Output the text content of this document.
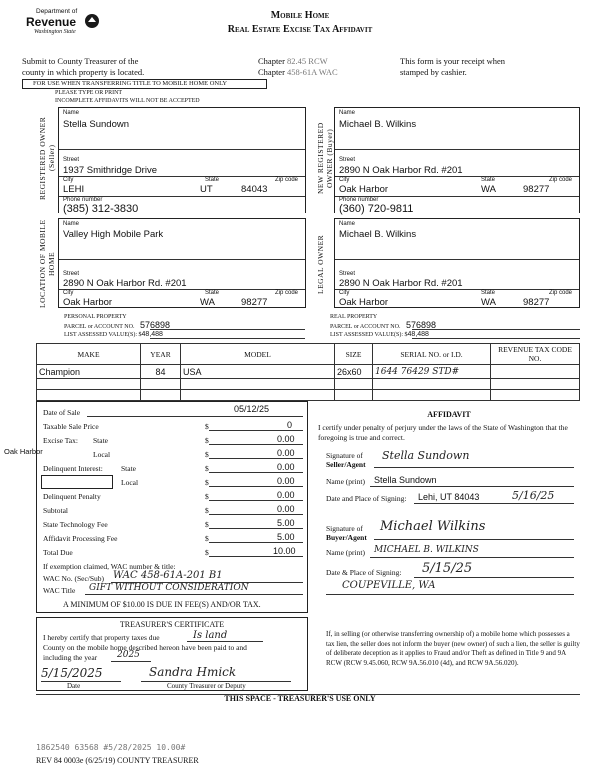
Department of
Revenue
Washington State
Mobile Home
Real Estate Excise Tax Affidavit
Submit to County Treasurer of the
county in which property is located.
Chapter 82.45 RCW
Chapter 458-61A WAC
This form is your receipt when
stamped by cashier.
FOR USE WHEN TRANSFERRING TITLE TO MOBILE HOME ONLY
PLEASE TYPE OR PRINT
INCOMPLETE AFFIDAVITS WILL NOT BE ACCEPTED
REGISTERED OWNER (Seller)
Name
Stella Sundown
Street
1937 Smithridge Drive
City	State	Zip code
LEHI	UT	84043
Phone number
(385) 312-3830
NEW REGISTERED OWNER (Buyer)
Name
Michael B. Wilkins
Street
2890 N Oak Harbor Rd. #201
City	State	Zip code
Oak Harbor	WA	98277
Phone number
(360) 720-9811
LOCATION OF MOBILE HOME
Name
Valley High Mobile Park
Street
2890 N Oak Harbor Rd. #201
City	State	Zip code
Oak Harbor	WA	98277
LEGAL OWNER
Name
Michael B. Wilkins
Street
2890 N Oak Harbor Rd. #201
City	State	Zip code
Oak Harbor	WA	98277
PERSONAL PROPERTY
PARCEL or ACCOUNT NO. 576898
LIST ASSESSED VALUE(S): $48,488
REAL PROPERTY
PARCEL or ACCOUNT NO. 576898
LIST ASSESSED VALUE(S): $48,488
MAKE	YEAR	MODEL	SIZE	SERIAL NO. or I.D.	REVENUE TAX CODE NO.
Champion	84	USA	26x60	1644 76429 STD#	

Date of Sale	05/12/25
Taxable Sale Price	$	0
Excise Tax: State	$	0.00
Local	$	0.00
Delinquent Interest: State	$	0.00
Local	$	0.00
Delinquent Penalty	$	0.00
Subtotal	$	0.00
State Technology Fee	$	5.00
Affidavit Processing Fee	$	5.00
Total Due	$	10.00
If exemption claimed, WAC number & title:
WAC No. (Sec/Sub) WAC 458-61A-201 B1
WAC Title GIFT WITHOUT CONSIDERATION
A MINIMUM OF $10.00 IS DUE IN FEE(S) AND/OR TAX.
Oak Harbor
AFFIDAVIT
I certify under penalty of perjury under the laws of the State of Washington that the foregoing is true and correct.
Signature of
Seller/Agent
Stella Sundown
Name (print) Stella Sundown
Date and Place of Signing: Lehi, UT 84043	5/16/25
Signature of
Buyer/Agent
Michael Wilkins
Name (print) MICHAEL B. WILKINS
Date & Place of Signing: 5/15/25
COUPEVILLE, WA
TREASURER'S CERTIFICATE
I hereby certify that property taxes due	Is land
County on the mobile home described hereon have been paid to and
including the year 2025
5/15/2025	Sandra Hmick
Date	County Treasurer or Deputy
If, in selling (or otherwise transferring ownership of) a mobile home which possesses a tax lien, the seller does not inform the buyer (new owner) of such a lien, the seller is guilty of deliberate deception as it applies to Fraud and/or Theft as defined in Title 9 and 9A RCW (RCW 9.45.060, RCW 9A.56.010 (4d), and RCW 9A.56.020).
THIS SPACE - TREASURER'S USE ONLY
1862540 63568 #5/28/2025 10.00#
REV 84 0003e (6/25/19) COUNTY TREASURER
